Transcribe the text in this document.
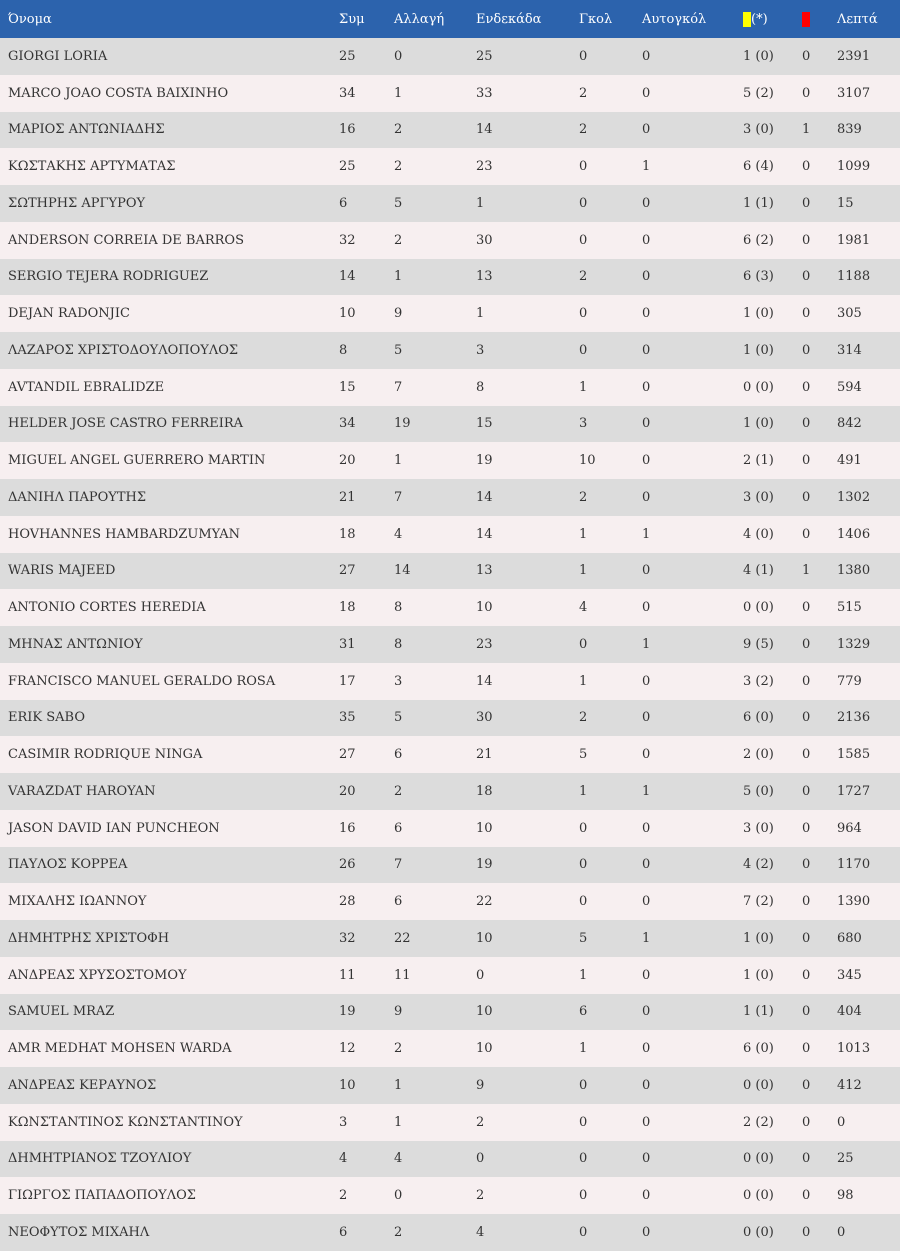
Όνομα	Συμ	Αλλαγή	Ενδεκάδα	Γκολ	Αυτογκόλ	(*)		Λεπτά
GIORGI LORIA	25	0	25	0	0	1 (0)	0	2391
MARCO JOAO COSTA BAIXINHO	34	1	33	2	0	5 (2)	0	3107
ΜΑΡΙΟΣ ΑΝΤΩΝΙΑΔΗΣ	16	2	14	2	0	3 (0)	1	839
ΚΩΣΤΑΚΗΣ ΑΡΤΥΜΑΤΑΣ	25	2	23	0	1	6 (4)	0	1099
ΣΩΤΗΡΗΣ ΑΡΓΥΡΟΥ	6	5	1	0	0	1 (1)	0	15
ANDERSON CORREIA DE BARROS	32	2	30	0	0	6 (2)	0	1981
SERGIO TEJERA RODRIGUEZ	14	1	13	2	0	6 (3)	0	1188
DEJAN RADONJIC	10	9	1	0	0	1 (0)	0	305
ΛΑΖΑΡΟΣ ΧΡΙΣΤΟΔΟΥΛΟΠΟΥΛΟΣ	8	5	3	0	0	1 (0)	0	314
AVTANDIL EBRALIDZE	15	7	8	1	0	0 (0)	0	594
HELDER JOSE CASTRO FERREIRA	34	19	15	3	0	1 (0)	0	842
MIGUEL ANGEL GUERRERO MARTIN	20	1	19	10	0	2 (1)	0	491
ΔΑΝΙΗΛ ΠΑΡΟΥΤΗΣ	21	7	14	2	0	3 (0)	0	1302
HOVHANNES HAMBARDZUMYAN	18	4	14	1	1	4 (0)	0	1406
WARIS MAJEED	27	14	13	1	0	4 (1)	1	1380
ANTONIO CORTES HEREDIA	18	8	10	4	0	0 (0)	0	515
ΜΗΝΑΣ ΑΝΤΩΝΙΟΥ	31	8	23	0	1	9 (5)	0	1329
FRANCISCO MANUEL GERALDO ROSA	17	3	14	1	0	3 (2)	0	779
ERIK SABO	35	5	30	2	0	6 (0)	0	2136
CASIMIR RODRIQUE NINGA	27	6	21	5	0	2 (0)	0	1585
VARAZDAT HAROYAN	20	2	18	1	1	5 (0)	0	1727
JASON DAVID IAN PUNCHEON	16	6	10	0	0	3 (0)	0	964
ΠΑΥΛΟΣ ΚΟΡΡΕΑ	26	7	19	0	0	4 (2)	0	1170
ΜΙΧΑΛΗΣ ΙΩΑΝΝΟΥ	28	6	22	0	0	7 (2)	0	1390
ΔΗΜΗΤΡΗΣ ΧΡΙΣΤΟΦΗ	32	22	10	5	1	1 (0)	0	680
ΑΝΔΡΕΑΣ ΧΡΥΣΟΣΤΟΜΟΥ	11	11	0	1	0	1 (0)	0	345
SAMUEL MRAZ	19	9	10	6	0	1 (1)	0	404
AMR MEDHAT MOHSEN WARDA	12	2	10	1	0	6 (0)	0	1013
ΑΝΔΡΕΑΣ ΚΕΡΑΥΝΟΣ	10	1	9	0	0	0 (0)	0	412
ΚΩΝΣΤΑΝΤΙΝΟΣ ΚΩΝΣΤΑΝΤΙΝΟΥ	3	1	2	0	0	2 (2)	0	0
ΔΗΜΗΤΡΙΑΝΟΣ ΤΖΟΥΛΙΟΥ	4	4	0	0	0	0 (0)	0	25
ΓΙΩΡΓΟΣ ΠΑΠΑΔΟΠΟΥΛΟΣ	2	0	2	0	0	0 (0)	0	98
ΝΕΟΦΥΤΟΣ ΜΙΧΑΗΛ	6	2	4	0	0	0 (0)	0	0
